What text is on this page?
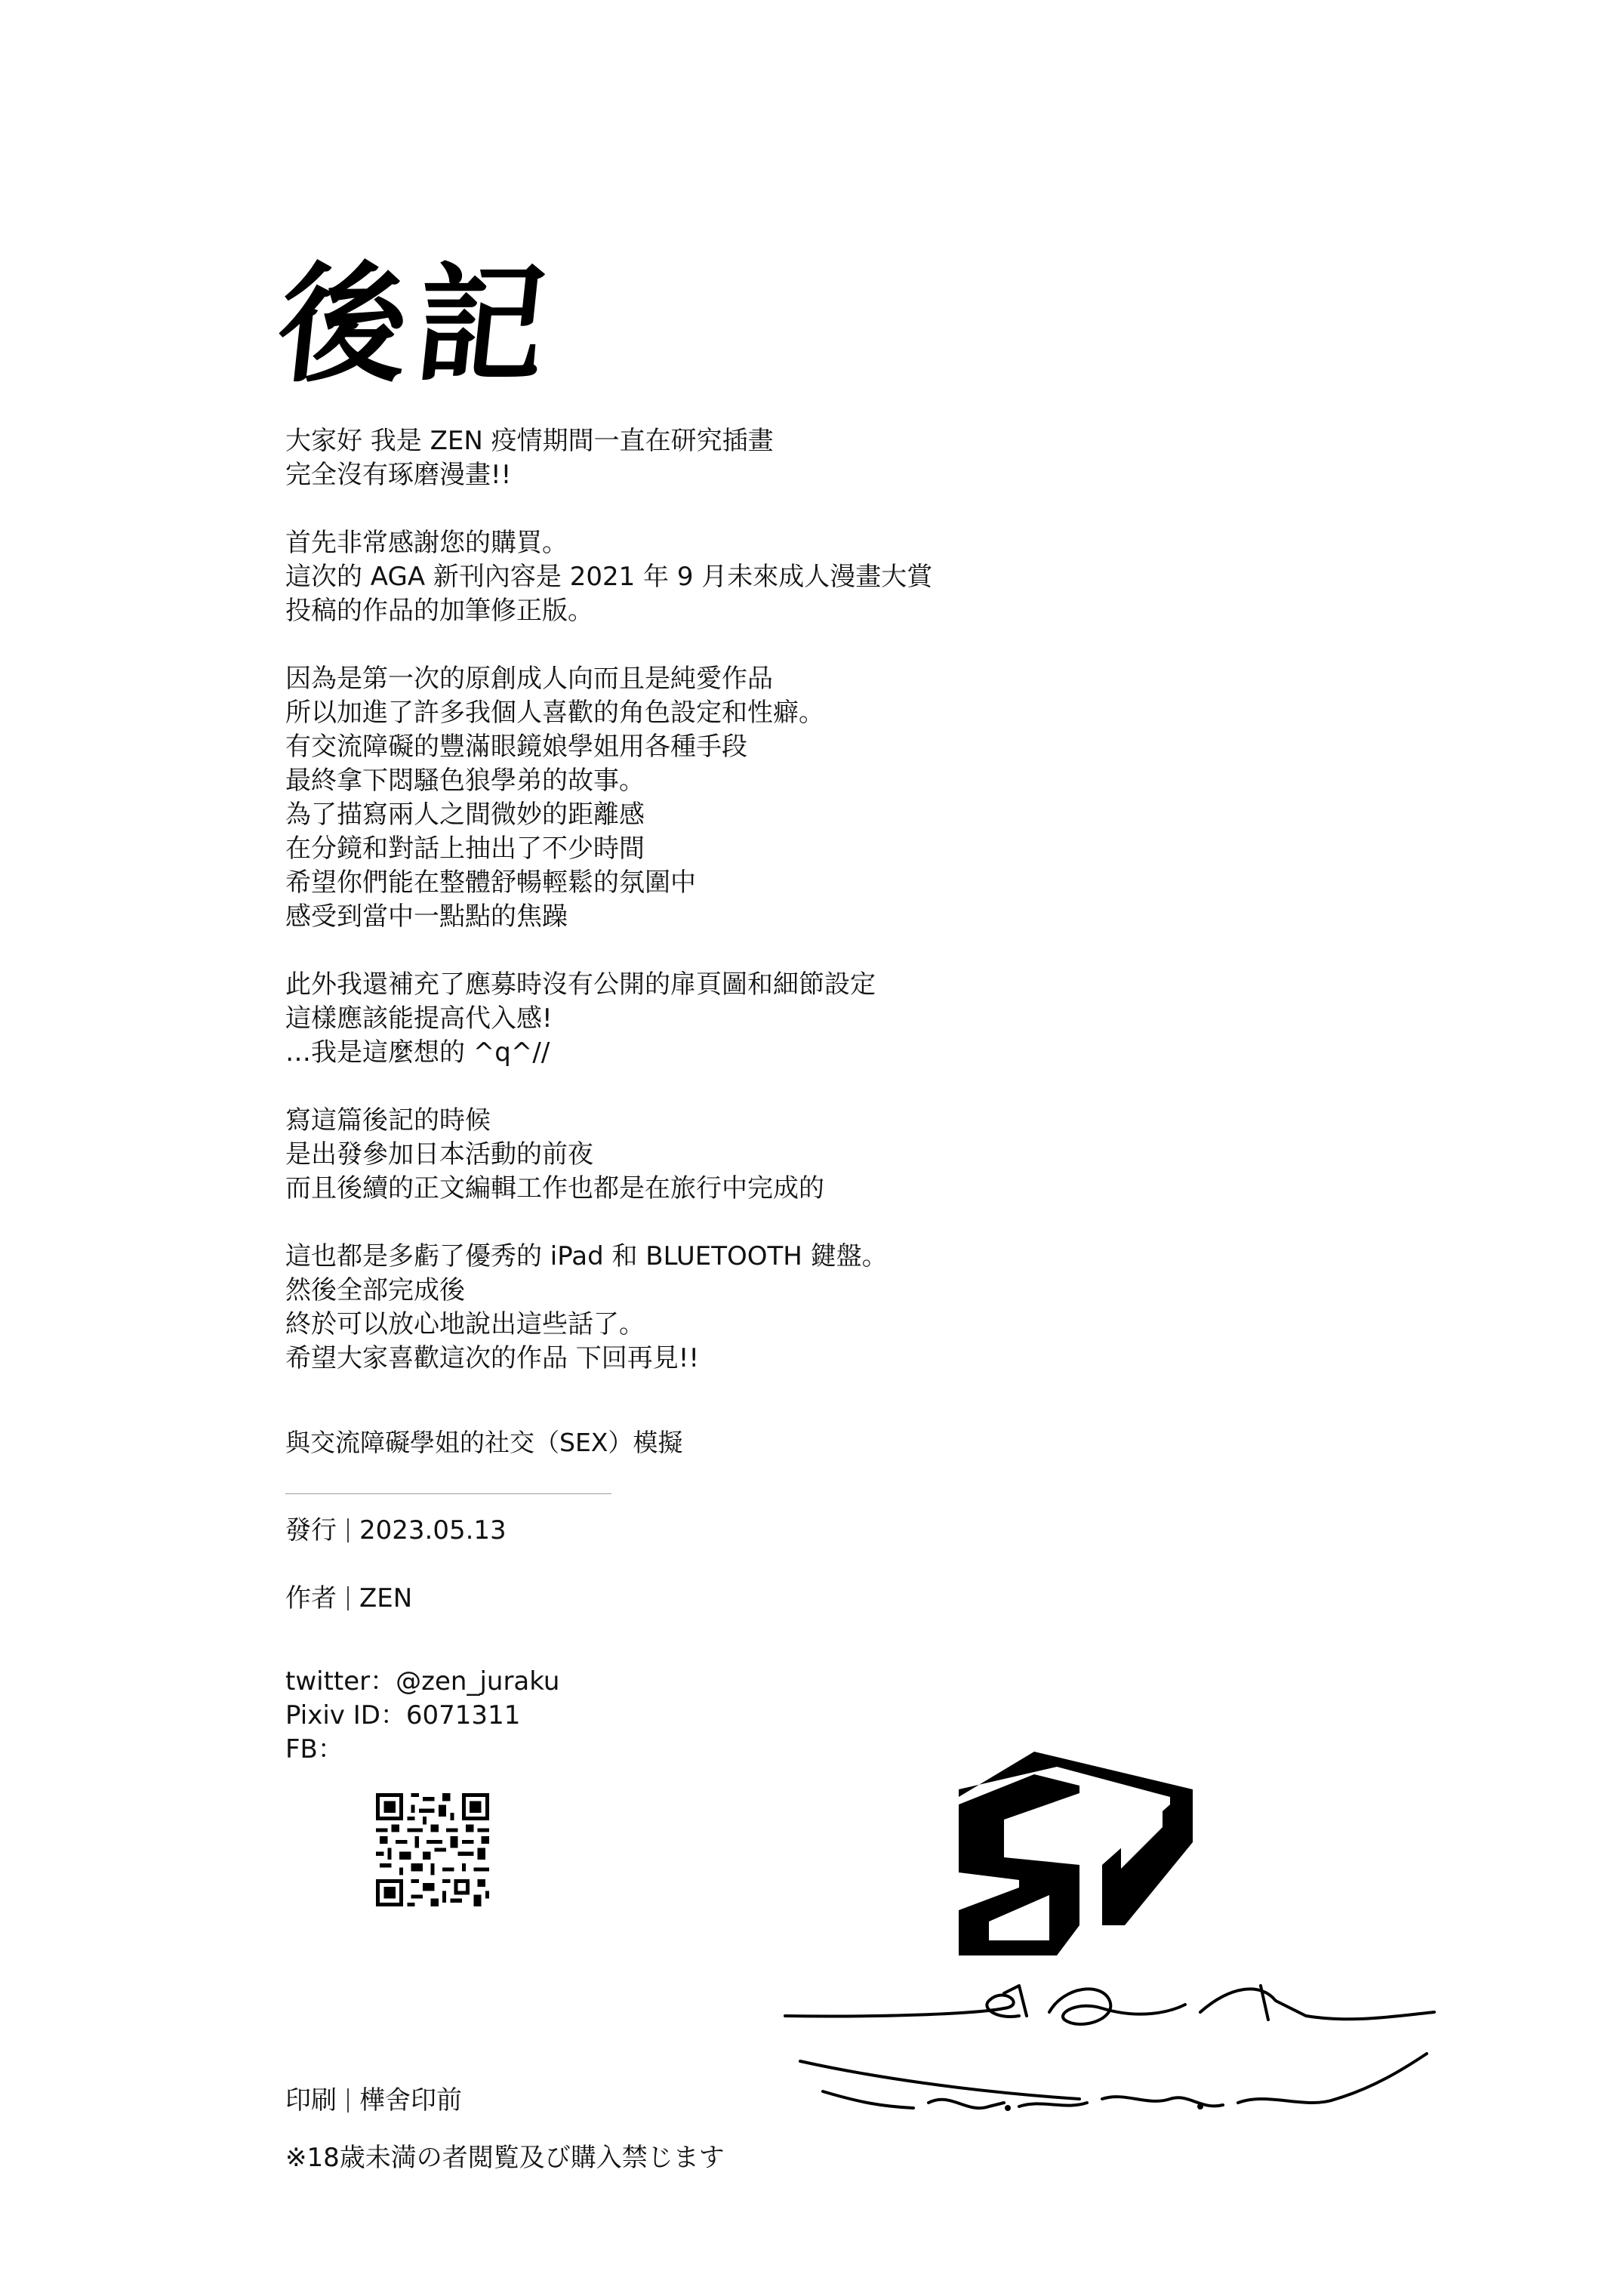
後記
大家好 我是 ZEN 疫情期間一直在研究插畫
完全沒有琢磨漫畫!!
首先非常感謝您的購買。
這次的 AGA 新刊內容是 2021 年 9 月未來成人漫畫大賞
投稿的作品的加筆修正版。
因為是第一次的原創成人向而且是純愛作品
所以加進了許多我個人喜歡的角色設定和性癖。
有交流障礙的豐滿眼鏡娘學姐用各種手段
最終拿下悶騷色狼學弟的故事。
為了描寫兩人之間微妙的距離感
在分鏡和對話上抽出了不少時間
希望你們能在整體舒暢輕鬆的氛圍中
感受到當中一點點的焦躁
此外我還補充了應募時沒有公開的扉頁圖和細節設定
這樣應該能提高代入感!
…我是這麼想的 ^q^//
寫這篇後記的時候
是出發參加日本活動的前夜
而且後續的正文編輯工作也都是在旅行中完成的
這也都是多虧了優秀的 iPad 和 BLUETOOTH 鍵盤。
然後全部完成後
終於可以放心地說出這些話了。
希望大家喜歡這次的作品 下回再見!!
與交流障礙學姐的社交（SEX）模擬
發行 2023.05.13
作者 ZEN
twitter：@zen_juraku
Pixiv ID：6071311
FB：
印刷 樺舍印前
※18歳未満の者閲覧及び購入禁じます
